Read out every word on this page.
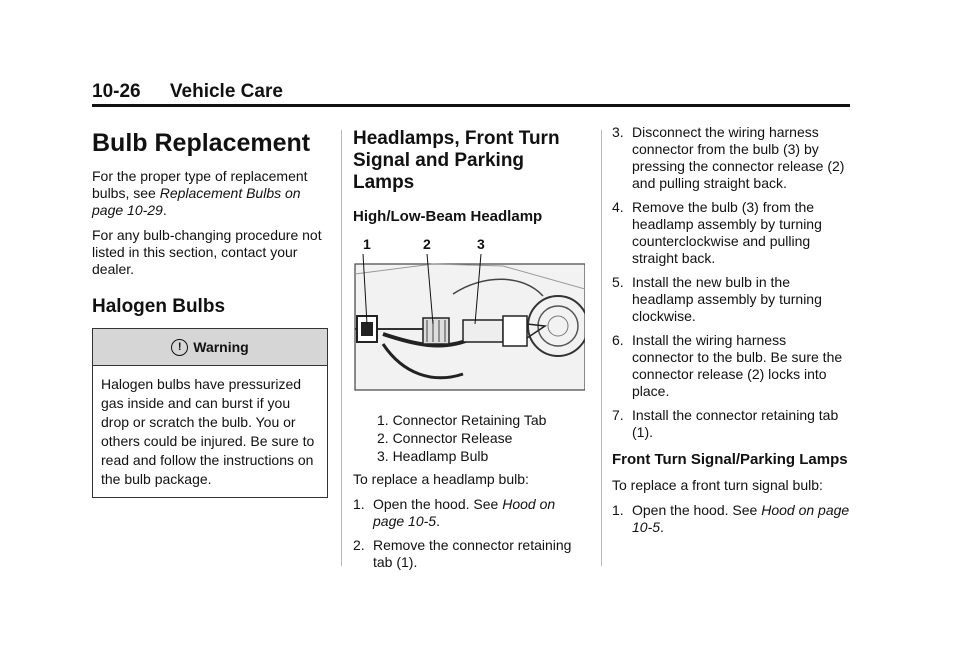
10-26 Vehicle Care
Bulb Replacement

For the proper type of replacement bulbs, see Replacement Bulbs on page 10-29.

For any bulb-changing procedure not listed in this section, contact your dealer.

Halogen Bulbs
! Warning
Halogen bulbs have pressurized gas inside and can burst if you drop or scratch the bulb. You or others could be injured. Be sure to read and follow the instructions on the bulb package.
Headlamps, Front Turn Signal and Parking Lamps
High/Low-Beam Headlamp
1	2	3
1. Connector Retaining Tab
2. Connector Release
3. Headlamp Bulb

To replace a headlamp bulb:

1. Open the hood. See Hood on page 10-5.
2. Remove the connector retaining tab (1).
3. Disconnect the wiring harness connector from the bulb (3) by pressing the connector release (2) and pulling straight back.
4. Remove the bulb (3) from the headlamp assembly by turning counterclockwise and pulling straight back.
5. Install the new bulb in the headlamp assembly by turning clockwise.
6. Install the wiring harness connector to the bulb. Be sure the connector release (2) locks into place.
7. Install the connector retaining tab (1).
Front Turn Signal/Parking Lamps

To replace a front turn signal bulb:

1. Open the hood. See Hood on page 10-5.
